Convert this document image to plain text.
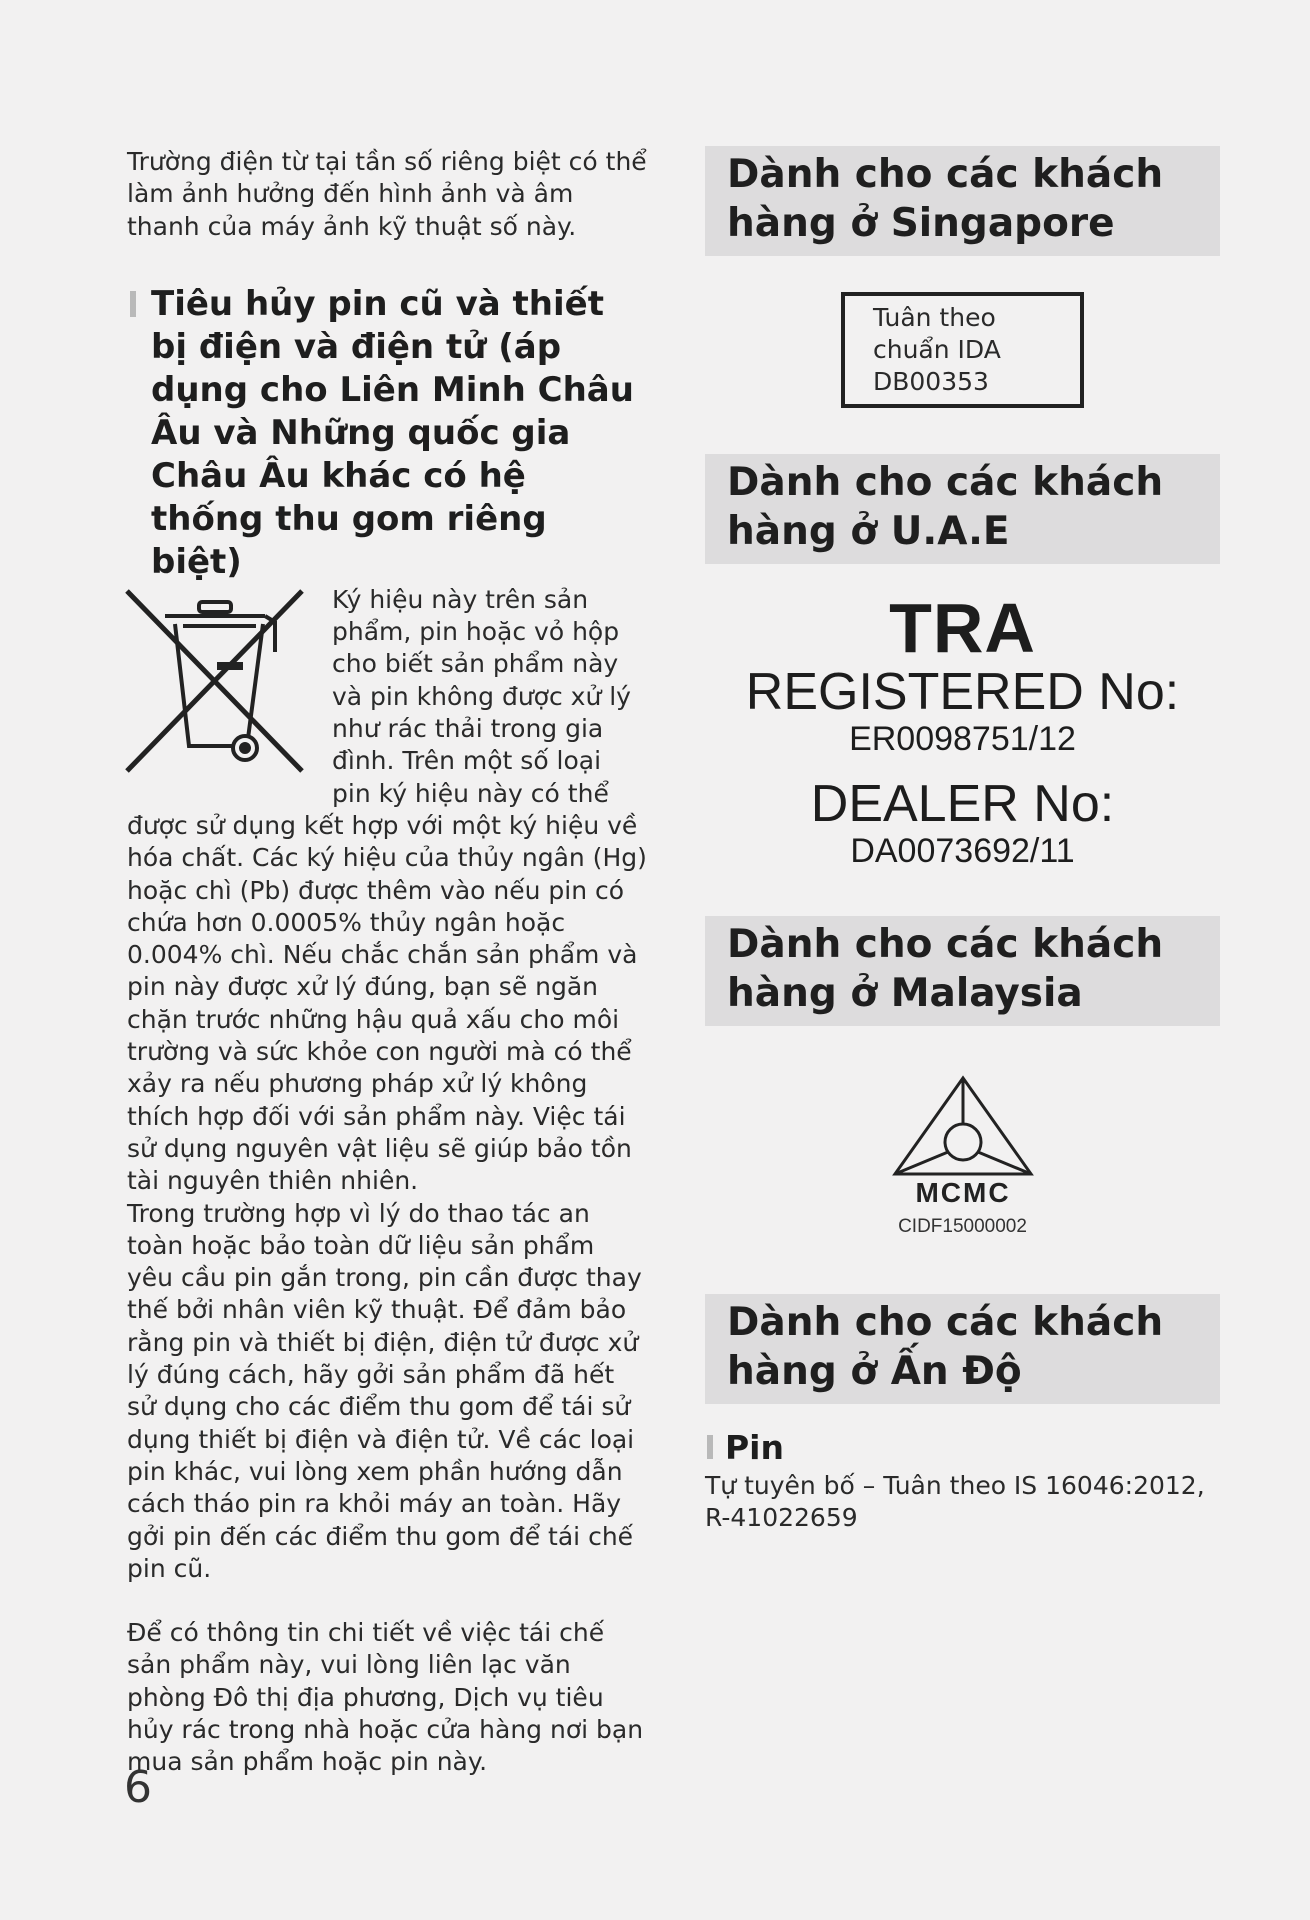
Trường điện từ tại tần số riêng biệt có thể làm ảnh hưởng đến hình ảnh và âm thanh của máy ảnh kỹ thuật số này.

Tiêu hủy pin cũ và thiết bị điện và điện tử (áp dụng cho Liên Minh Châu Âu và Những quốc gia Châu Âu khác có hệ thống thu gom riêng biệt)

Ký hiệu này trên sản phẩm, pin hoặc vỏ hộp cho biết sản phẩm này và pin không được xử lý như rác thải trong gia đình. Trên một số loại pin ký hiệu này có thể được sử dụng kết hợp với một ký hiệu về hóa chất. Các ký hiệu của thủy ngân (Hg) hoặc chì (Pb) được thêm vào nếu pin có chứa hơn 0.0005% thủy ngân hoặc 0.004% chì. Nếu chắc chắn sản phẩm và pin này được xử lý đúng, bạn sẽ ngăn chặn trước những hậu quả xấu cho môi trường và sức khỏe con người mà có thể xảy ra nếu phương pháp xử lý không thích hợp đối với sản phẩm này. Việc tái sử dụng nguyên vật liệu sẽ giúp bảo tồn tài nguyên thiên nhiên.

Trong trường hợp vì lý do thao tác an toàn hoặc bảo toàn dữ liệu sản phẩm yêu cầu pin gắn trong, pin cần được thay thế bởi nhân viên kỹ thuật. Để đảm bảo rằng pin và thiết bị điện, điện tử được xử lý đúng cách, hãy gởi sản phẩm đã hết sử dụng cho các điểm thu gom để tái sử dụng thiết bị điện và điện tử. Về các loại pin khác, vui lòng xem phần hướng dẫn cách tháo pin ra khỏi máy an toàn. Hãy gởi pin đến các điểm thu gom để tái chế pin cũ.

Để có thông tin chi tiết về việc tái chế sản phẩm này, vui lòng liên lạc văn phòng Đô thị địa phương, Dịch vụ tiêu hủy rác trong nhà hoặc cửa hàng nơi bạn mua sản phẩm hoặc pin này.

6
Dành cho các khách hàng ở Singapore
Tuân theo chuẩn IDA DB00353
Dành cho các khách hàng ở U.A.E
TRA
REGISTERED No:
ER0098751/12
DEALER No:
DA0073692/11
Dành cho các khách hàng ở Malaysia
MCMC
CIDF15000002
Dành cho các khách hàng ở Ấn Độ
Pin

Tự tuyên bố – Tuân theo IS 16046:2012, R-41022659
